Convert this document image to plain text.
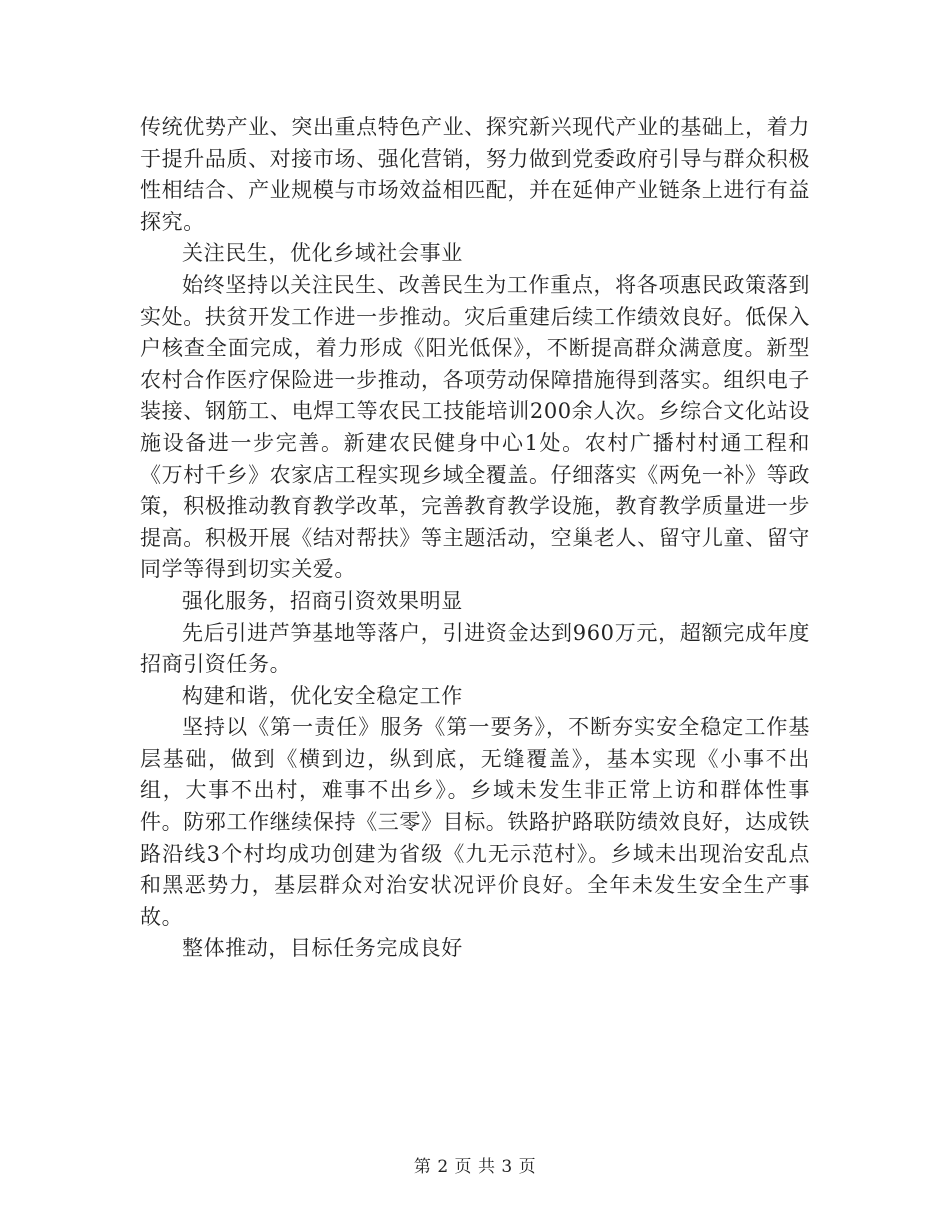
传统优势产业、突出重点特色产业、探究新兴现代产业的基础上，着力于提升品质、对接市场、强化营销，努力做到党委政府引导与群众积极性相结合、产业规模与市场效益相匹配，并在延伸产业链条上进行有益探究。

关注民生，优化乡域社会事业

始终坚持以关注民生、改善民生为工作重点，将各项惠民政策落到实处。扶贫开发工作进一步推动。灾后重建后续工作绩效良好。低保入户核查全面完成，着力形成《阳光低保》，不断提高群众满意度。新型农村合作医疗保险进一步推动，各项劳动保障措施得到落实。组织电子装接、钢筋工、电焊工等农民工技能培训200余人次。乡综合文化站设施设备进一步完善。新建农民健身中心1处。农村广播村村通工程和《万村千乡》农家店工程实现乡域全覆盖。仔细落实《两免一补》等政策，积极推动教育教学改革，完善教育教学设施，教育教学质量进一步提高。积极开展《结对帮扶》等主题活动，空巢老人、留守儿童、留守同学等得到切实关爱。

强化服务，招商引资效果明显

先后引进芦笋基地等落户，引进资金达到960万元，超额完成年度招商引资任务。

构建和谐，优化安全稳定工作

坚持以《第一责任》服务《第一要务》，不断夯实安全稳定工作基层基础，做到《横到边，纵到底，无缝覆盖》，基本实现《小事不出组，大事不出村，难事不出乡》。乡域未发生非正常上访和群体性事件。防邪工作继续保持《三零》目标。铁路护路联防绩效良好，达成铁路沿线3个村均成功创建为省级《九无示范村》。乡域未出现治安乱点和黑恶势力，基层群众对治安状况评价良好。全年未发生安全生产事故。

整体推动，目标任务完成良好

第 2 页 共 3 页
